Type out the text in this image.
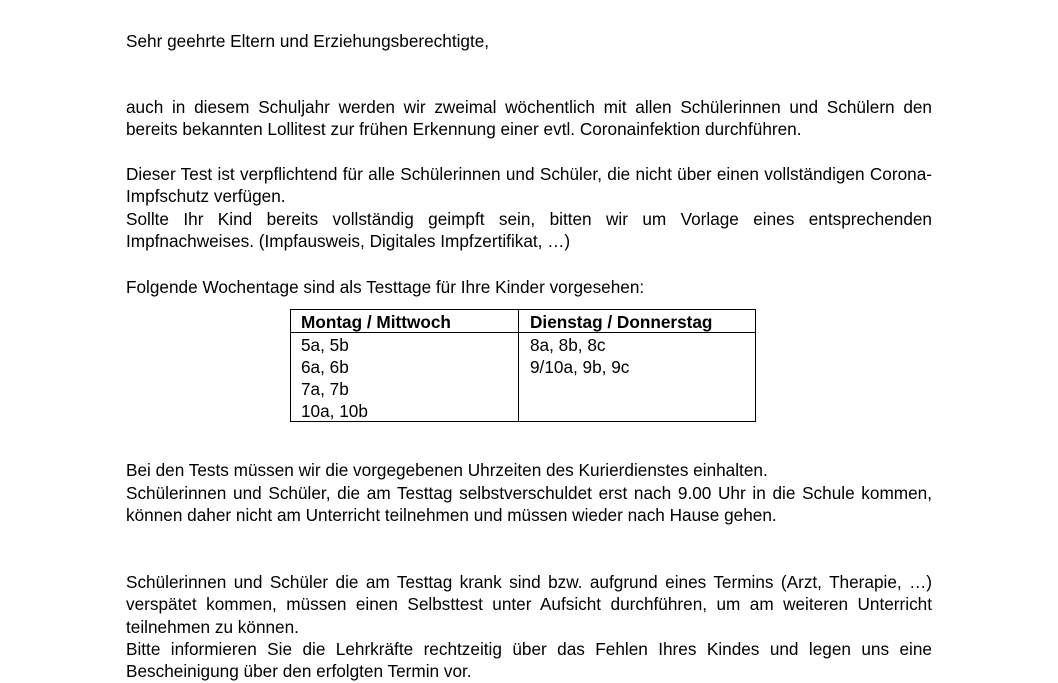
Sehr geehrte Eltern und Erziehungsberechtigte,
auch in diesem Schuljahr werden wir zweimal wöchentlich mit allen Schülerinnen und Schülern den bereits bekannten Lollitest zur frühen Erkennung einer evtl. Coronainfektion durchführen.
Dieser Test ist verpflichtend für alle Schülerinnen und Schüler, die nicht über einen vollständigen Corona-Impfschutz verfügen.
Sollte Ihr Kind bereits vollständig geimpft sein, bitten wir um Vorlage eines entsprechenden Impfnachweises. (Impfausweis, Digitales Impfzertifikat, …)
Folgende Wochentage sind als Testtage für Ihre Kinder vorgesehen:
Montag / Mittwoch	Dienstag / Donnerstag
5a, 5b
6a, 6b
7a, 7b
10a, 10b
8a, 8b, 8c
9/10a, 9b, 9c
Bei den Tests müssen wir die vorgegebenen Uhrzeiten des Kurierdienstes einhalten.
Schülerinnen und Schüler, die am Testtag selbstverschuldet erst nach 9.00 Uhr in die Schule kommen, können daher nicht am Unterricht teilnehmen und müssen wieder nach Hause gehen.
Schülerinnen und Schüler die am Testtag krank sind bzw. aufgrund eines Termins (Arzt, Therapie, …) verspätet kommen, müssen einen Selbsttest unter Aufsicht durchführen, um am weiteren Unterricht teilnehmen zu können.
Bitte informieren Sie die Lehrkräfte rechtzeitig über das Fehlen Ihres Kindes und legen uns eine Bescheinigung über den erfolgten Termin vor.
